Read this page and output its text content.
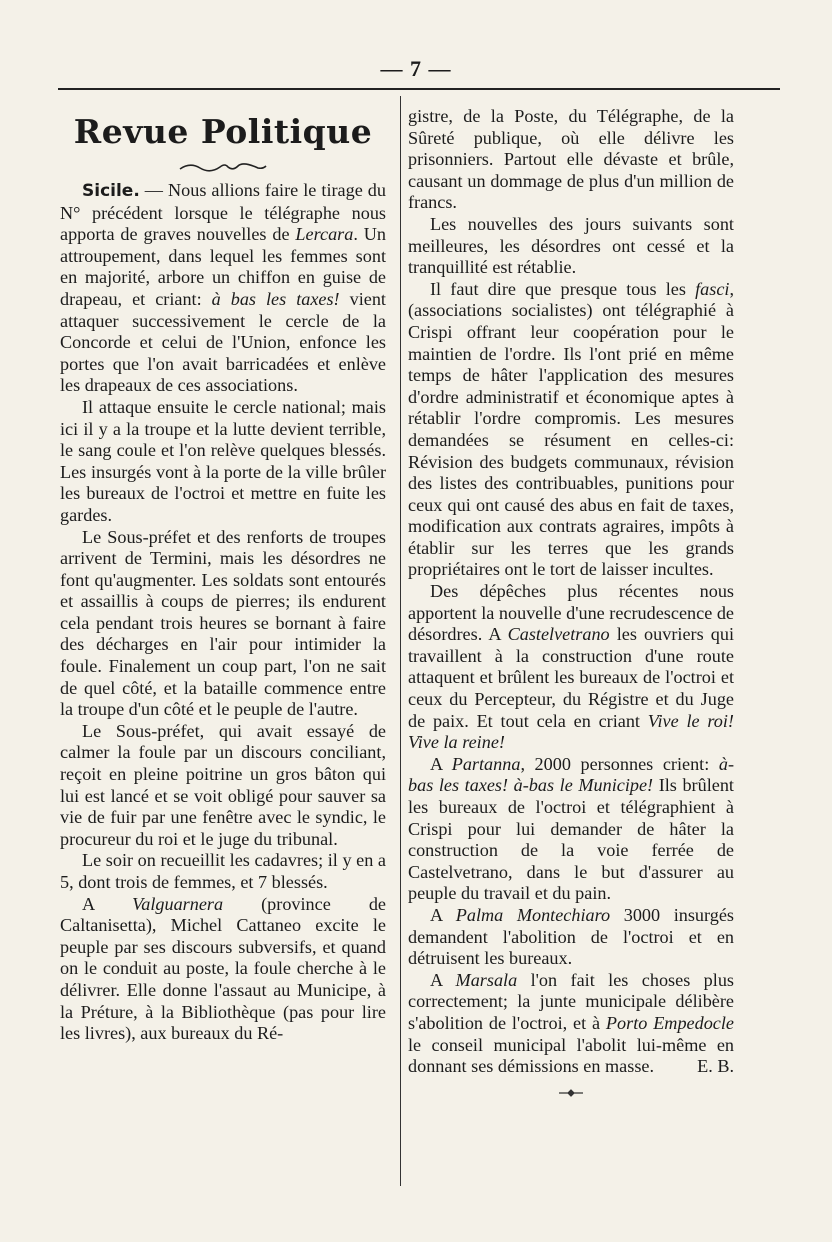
— 7 —
Revue Politique

Sicile. — Nous allions faire le tirage du N° précédent lorsque le télégraphe nous apporta de graves nouvelles de Lercara. Un attroupement, dans lequel les femmes sont en majorité, arbore un chiffon en guise de drapeau, et criant: à bas les taxes! vient attaquer successivement le cercle de la Concorde et celui de l'Union, enfonce les portes que l'on avait barricadées et enlève les drapeaux de ces associations.

Il attaque ensuite le cercle national; mais ici il y a la troupe et la lutte devient terrible, le sang coule et l'on relève quelques blessés. Les insurgés vont à la porte de la ville brûler les bureaux de l'octroi et mettre en fuite les gardes.

Le Sous-préfet et des renforts de troupes arrivent de Termini, mais les désordres ne font qu'augmenter. Les soldats sont entourés et assaillis à coups de pierres; ils endurent cela pendant trois heures se bornant à faire des décharges en l'air pour intimider la foule. Finalement un coup part, l'on ne sait de quel côté, et la bataille commence entre la troupe d'un côté et le peuple de l'autre.

Le Sous-préfet, qui avait essayé de calmer la foule par un discours conciliant, reçoit en pleine poitrine un gros bâton qui lui est lancé et se voit obligé pour sauver sa vie de fuir par une fenêtre avec le syndic, le procureur du roi et le juge du tribunal.

Le soir on recueillit les cadavres; il y en a 5, dont trois de femmes, et 7 blessés.

A Valguarnera (province de Caltanisetta), Michel Cattaneo excite le peuple par ses discours subversifs, et quand on le conduit au poste, la foule cherche à le délivrer. Elle donne l'assaut au Municipe, à la Préture, à la Bibliothèque (pas pour lire les livres), aux bureaux du Ré-

gistre, de la Poste, du Télégraphe, de la Sûreté publique, où elle délivre les prisonniers. Partout elle dévaste et brûle, causant un dommage de plus d'un million de francs.

Les nouvelles des jours suivants sont meilleures, les désordres ont cessé et la tranquillité est rétablie.

Il faut dire que presque tous les fasci, (associations socialistes) ont télégraphié à Crispi offrant leur coopération pour le maintien de l'ordre. Ils l'ont prié en même temps de hâter l'application des mesures d'ordre administratif et économique aptes à rétablir l'ordre compromis. Les mesures demandées se résument en celles-ci: Révision des budgets communaux, révision des listes des contribuables, punitions pour ceux qui ont causé des abus en fait de taxes, modification aux contrats agraires, impôts à établir sur les terres que les grands propriétaires ont le tort de laisser incultes.

Des dépêches plus récentes nous apportent la nouvelle d'une recrudescence de désordres. A Castelvetrano les ouvriers qui travaillent à la construction d'une route attaquent et brûlent les bureaux de l'octroi et ceux du Percepteur, du Régistre et du Juge de paix. Et tout cela en criant Vive le roi! Vive la reine!

A Partanna, 2000 personnes crient: à-bas les taxes! à-bas le Municipe! Ils brûlent les bureaux de l'octroi et télégraphient à Crispi pour lui demander de hâter la construction de la voie ferrée de Castelvetrano, dans le but d'assurer au peuple du travail et du pain.

A Palma Montechiaro 3000 insurgés demandent l'abolition de l'octroi et en détruisent les bureaux.

A Marsala l'on fait les choses plus correctement; la junte municipale délibère s'abolition de l'octroi, et à Porto Empedocle le conseil municipal l'abolit lui-même en donnant ses démissions en masse.	E. B.
